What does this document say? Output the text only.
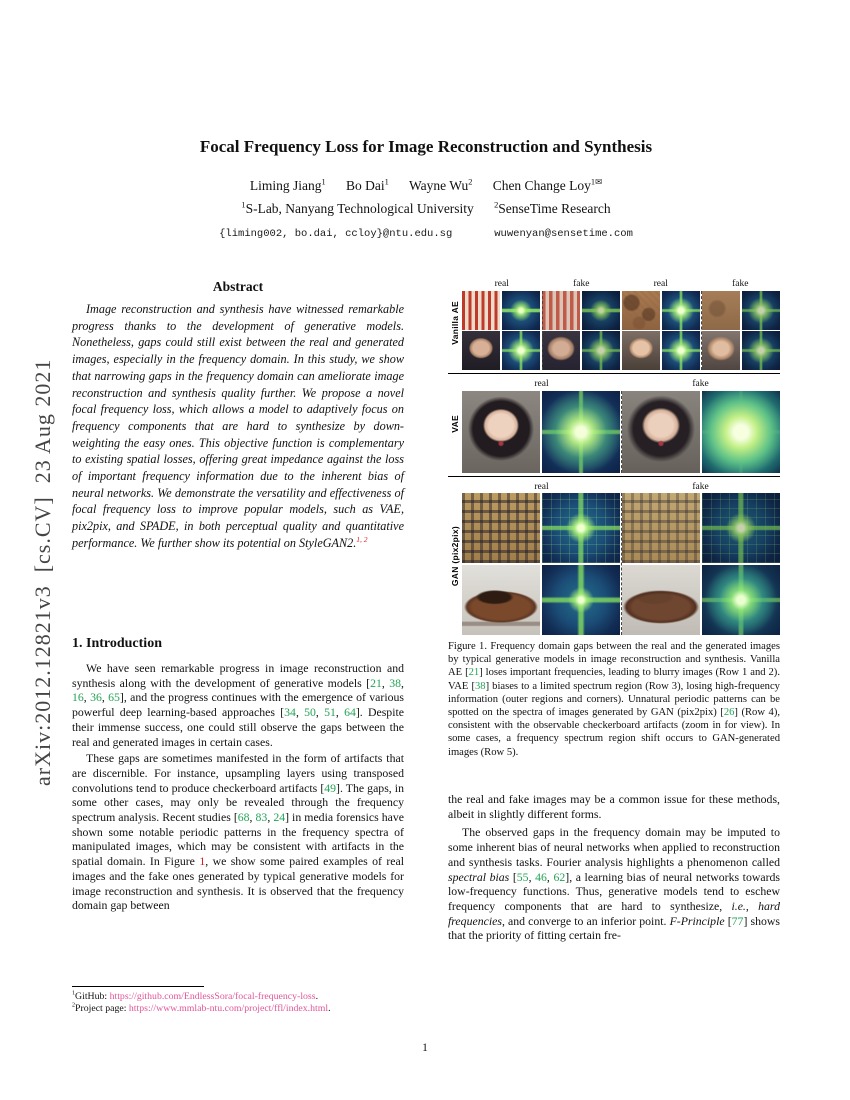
arXiv:2012.12821v3  [cs.CV]  23 Aug 2021
Focal Frequency Loss for Image Reconstruction and Synthesis
Liming Jiang$^1$   Bo Dai$^1$   Wayne Wu$^2$   Chen Change Loy$^{1✉}$
$^1$S-Lab, Nanyang Technological University   $^2$SenseTime Research
{liming002, bo.dai, ccloy}@ntu.edu.sg	wuwenyan@sensetime.com
Abstract

Image reconstruction and synthesis have witnessed remarkable progress thanks to the development of generative models. Nonetheless, gaps could still exist between the real and generated images, especially in the frequency domain. In this study, we show that narrowing gaps in the frequency domain can ameliorate image reconstruction and synthesis quality further. We propose a novel focal frequency loss, which allows a model to adaptively focus on frequency components that are hard to synthesize by down-weighting the easy ones. This objective function is complementary to existing spatial losses, offering great impedance against the loss of important frequency information due to the inherent bias of neural networks. We demonstrate the versatility and effectiveness of focal frequency loss to improve popular models, such as VAE, pix2pix, and SPADE, in both perceptual quality and quantitative performance. We further show its potential on StyleGAN2.$^{1, 2}$

1. Introduction

We have seen remarkable progress in image reconstruction and synthesis along with the development of generative models [21, 38, 16, 36, 65], and the progress continues with the emergence of various powerful deep learning-based approaches [34, 50, 51, 64]. Despite their immense success, one could still observe the gaps between the real and generated images in certain cases.

These gaps are sometimes manifested in the form of artifacts that are discernible. For instance, upsampling layers using transposed convolutions tend to produce checkerboard artifacts [49]. The gaps, in some other cases, may only be revealed through the frequency spectrum analysis. Recent studies [68, 83, 24] in media forensics have shown some notable periodic patterns in the frequency spectra of manipulated images, which may be consistent with artifacts in the spatial domain. In Figure 1, we show some paired examples of real images and the fake ones generated by typical generative models for image reconstruction and synthesis. It is observed that the frequency domain gap between

$^1$GitHub: https://github.com/EndlessSora/focal-frequency-loss.

$^2$Project page: https://www.mmlab-ntu.com/project/ffl/index.html.

Vanilla AE
real	fake	real	fake
VAE
real	fake
GAN (pix2pix)
real	fake

Figure 1. Frequency domain gaps between the real and the generated images by typical generative models in image reconstruction and synthesis. Vanilla AE [21] loses important frequencies, leading to blurry images (Row 1 and 2). VAE [38] biases to a limited spectrum region (Row 3), losing high-frequency information (outer regions and corners). Unnatural periodic patterns can be spotted on the spectra of images generated by GAN (pix2pix) [26] (Row 4), consistent with the observable checkerboard artifacts (zoom in for view). In some cases, a frequency spectrum region shift occurs to GAN-generated images (Row 5).

the real and fake images may be a common issue for these methods, albeit in slightly different forms.

The observed gaps in the frequency domain may be imputed to some inherent bias of neural networks when applied to reconstruction and synthesis tasks. Fourier analysis highlights a phenomenon called spectral bias [55, 46, 62], a learning bias of neural networks towards low-frequency functions. Thus, generative models tend to eschew frequency components that are hard to synthesize, i.e., hard frequencies, and converge to an inferior point. F-Principle [77] shows that the priority of fitting certain fre-

1
